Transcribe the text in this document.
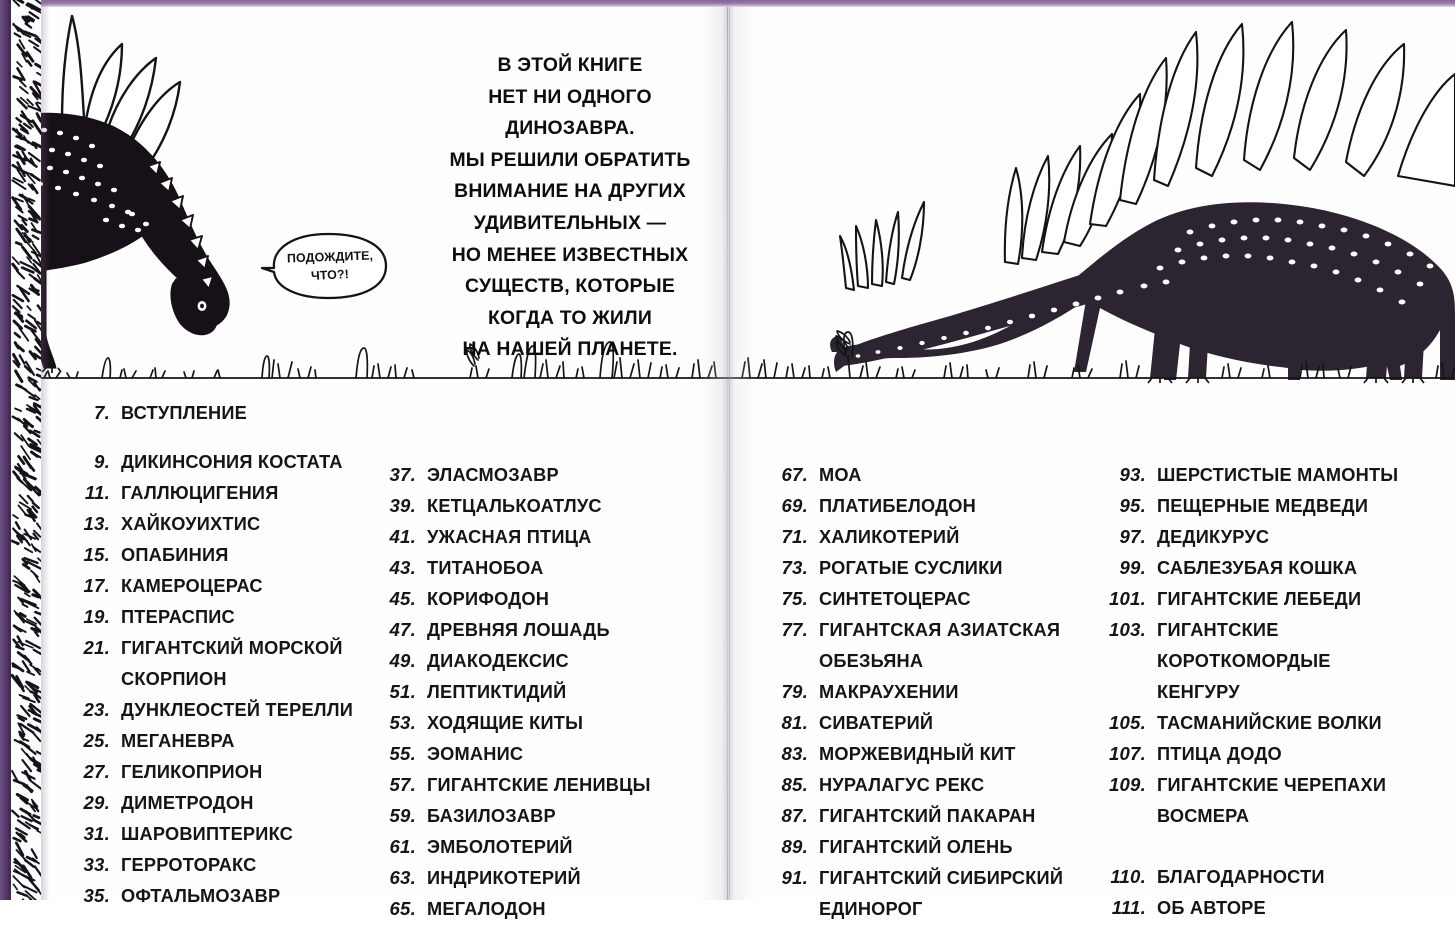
В ЭТОЙ КНИГЕ
НЕТ НИ ОДНОГО
ДИНОЗАВРА.
МЫ РЕШИЛИ ОБРАТИТЬ
ВНИМАНИЕ НА ДРУГИХ
УДИВИТЕЛЬНЫХ —
НО МЕНЕЕ ИЗВЕСТНЫХ
СУЩЕСТВ, КОТОРЫЕ
КОГДА ТО ЖИЛИ
НА НАШЕЙ ПЛАНЕТЕ.
ПОДОЖДИТЕ,
ЧТО?!
7. ВСТУПЛЕНИЕ
9. ДИКИНСОНИЯ КОСТАТА
11. ГАЛЛЮЦИГЕНИЯ
13. ХАЙКОУИХТИС
15. ОПАБИНИЯ
17. КАМЕРОЦЕРАС
19. ПТЕРАСПИС
21. ГИГАНТСКИЙ МОРСКОЙ
СКОРПИОН
23. ДУНКЛЕОСТЕЙ ТЕРЕЛЛИ
25. МЕГАНЕВРА
27. ГЕЛИКОПРИОН
29. ДИМЕТРОДОН
31. ШАРОВИПТЕРИКС
33. ГЕРРОТОРАКС
35. ОФТАЛЬМОЗАВР
37. ЭЛАСМОЗАВР
39. КЕТЦАЛЬКОАТЛУС
41. УЖАСНАЯ ПТИЦА
43. ТИТАНОБОА
45. КОРИФОДОН
47. ДРЕВНЯЯ ЛОШАДЬ
49. ДИАКОДЕКСИС
51. ЛЕПТИКТИДИЙ
53. ХОДЯЩИЕ КИТЫ
55. ЭОМАНИС
57. ГИГАНТСКИЕ ЛЕНИВЦЫ
59. БАЗИЛОЗАВР
61. ЭМБОЛОТЕРИЙ
63. ИНДРИКОТЕРИЙ
65. МЕГАЛОДОН
67. МОА
69. ПЛАТИБЕЛОДОН
71. ХАЛИКОТЕРИЙ
73. РОГАТЫЕ СУСЛИКИ
75. СИНТЕТОЦЕРАС
77. ГИГАНТСКАЯ АЗИАТСКАЯ
ОБЕЗЬЯНА
79. МАКРАУХЕНИИ
81. СИВАТЕРИЙ
83. МОРЖЕВИДНЫЙ КИТ
85. НУРАЛАГУС РЕКС
87. ГИГАНТСКИЙ ПАКАРАН
89. ГИГАНТСКИЙ ОЛЕНЬ
91. ГИГАНТСКИЙ СИБИРСКИЙ
ЕДИНОРОГ
93. ШЕРСТИСТЫЕ МАМОНТЫ
95. ПЕЩЕРНЫЕ МЕДВЕДИ
97. ДЕДИКУРУС
99. САБЛЕЗУБАЯ КОШКА
101. ГИГАНТСКИЕ ЛЕБЕДИ
103. ГИГАНТСКИЕ
КОРОТКОМОРДЫЕ
КЕНГУРУ
105. ТАСМАНИЙСКИЕ ВОЛКИ
107. ПТИЦА ДОДО
109. ГИГАНТСКИЕ ЧЕРЕПАХИ
ВОСМЕРА
110. БЛАГОДАРНОСТИ
111. ОБ АВТОРЕ
